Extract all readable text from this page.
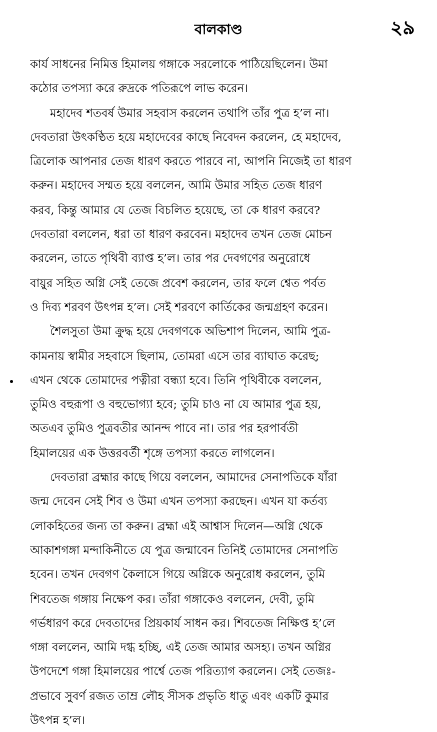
বালকাণ্ড	২৯
কার্য সাধনের নিমিত্ত হিমালয় গঙ্গাকে সরলোকে পাঠিয়েছিলেন। উমা
কঠোর তপস্যা করে রুদ্রকে পতিরূপে লাভ করেন।
মহাদেব শতবর্ষ উমার সহবাস করলেন তথাপি তাঁর পুত্র হ’ল না।
দেবতারা উৎকণ্ঠিত হয়ে মহাদেবের কাছে নিবেদন করলেন, হে মহাদেব,
ত্রিলোক আপনার তেজ ধারণ করতে পারবে না, আপনি নিজেই তা ধারণ
করুন। মহাদেব সম্মত হয়ে বললেন, আমি উমার সহিত তেজ ধারণ
করব, কিন্তু আমার যে তেজ বিচলিত হয়েছে, তা কে ধারণ করবে?
দেবতারা বললেন, ধরা তা ধারণ করবেন। মহাদেব তখন তেজ মোচন
করলেন, তাতে পৃথিবী ব্যাপ্ত হ’ল। তার পর দেবগণের অনুরোধে
বায়ুর সহিত অগ্নি সেই তেজে প্রবেশ করলেন, তার ফলে শ্বেত পর্বত
ও দিব্য শরবণ উৎপন্ন হ’ল। সেই শরবণে কার্তিকের জন্মগ্রহণ করেন।
শৈলসুতা উমা ক্রুদ্ধ হয়ে দেবগণকে অভিশাপ দিলেন, আমি পুত্র-
কামনায় স্বামীর সহবাসে ছিলাম, তোমরা এসে তার ব্যাঘাত করেছ;
এখন থেকে তোমাদের পত্নীরা বন্ধ্যা হবে। তিনি পৃথিবীকে বললেন,
তুমিও বহুরূপা ও বহুভোগ্যা হবে; তুমি চাও না যে আমার পুত্র হয়,
অতএব তুমিও পুত্রবতীর আনন্দ পাবে না। তার পর হরপার্বতী
হিমালয়ের এক উত্তরবর্তী শৃঙ্গে তপস্যা করতে লাগলেন।
দেবতারা ব্রহ্মার কাছে গিয়ে বললেন, আমাদের সেনাপতিকে যাঁরা
জন্ম দেবেন সেই শিব ও উমা এখন তপস্যা করছেন। এখন যা কর্তব্য
লোকহিতের জন্য তা করুন। ব্রহ্মা এই আশ্বাস দিলেন—অগ্নি থেকে
আকাশগঙ্গা মন্দাকিনীতে যে পুত্র জন্মাবেন তিনিই তোমাদের সেনাপতি
হবেন। তখন দেবগণ কৈলাসে গিয়ে অগ্নিকে অনুরোধ করলেন, তুমি
শিবতেজ গঙ্গায় নিক্ষেপ কর। তাঁরা গঙ্গাকেও বললেন, দেবী, তুমি
গর্ভধারণ করে দেবতাদের প্রিয়কার্য সাধন কর। শিবতেজ নিক্ষিপ্ত হ’লে
গঙ্গা বললেন, আমি দগ্ধ হচ্ছি, এই তেজ আমার অসহ্য। তখন অগ্নির
উপদেশে গঙ্গা হিমালয়ের পার্শ্বে তেজ পরিত্যাগ করলেন। সেই তেজঃ-
প্রভাবে সুবর্ণ রজত তাম্র লৌহ সীসক প্রভৃতি ধাতু এবং একটি কুমার
উৎপন্ন হ’ল।
